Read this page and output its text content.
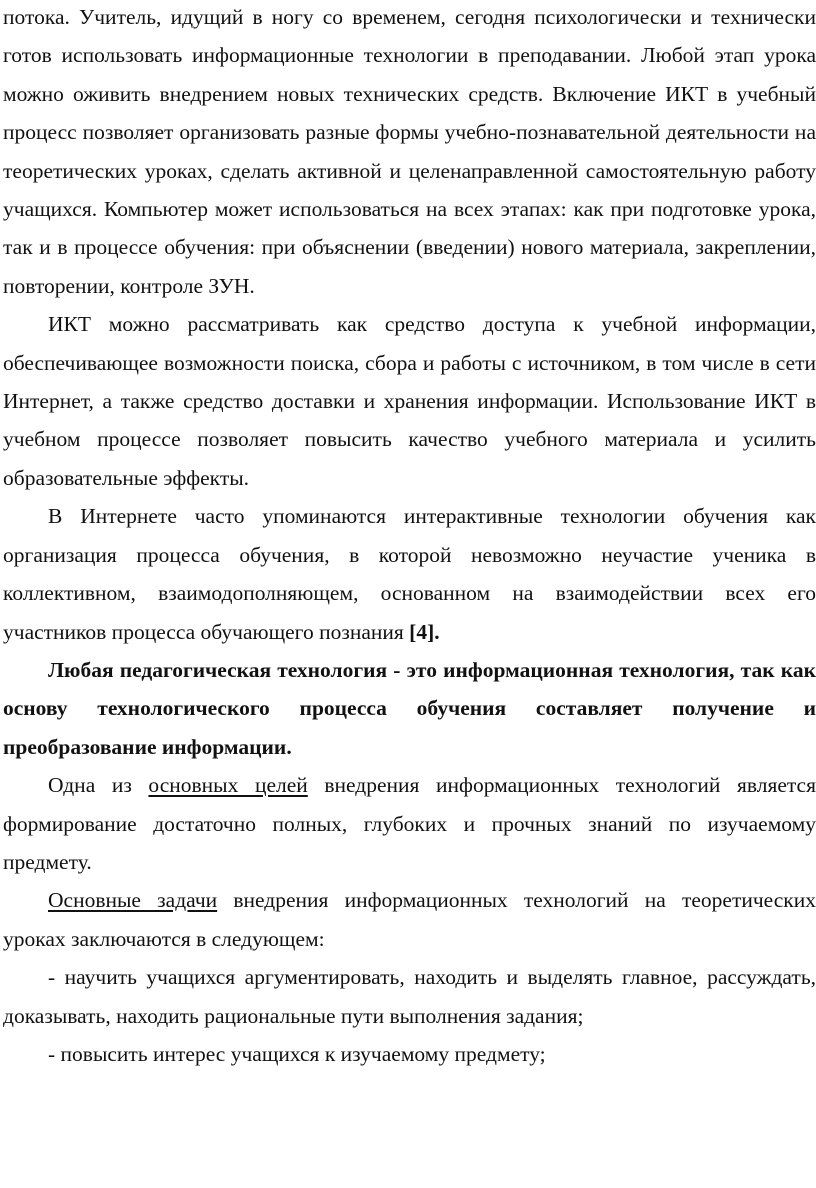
потока. Учитель, идущий в ногу со временем, сегодня психологически и технически готов использовать информационные технологии в преподавании. Любой этап урока можно оживить внедрением новых технических средств. Включение ИКТ в учебный процесс позволяет организовать разные формы учебно-познавательной деятельности на теоретических уроках, сделать активной и целенаправленной самостоятельную работу учащихся. Компьютер может использоваться на всех этапах: как при подготовке урока, так и в процессе обучения: при объяснении (введении) нового материала, закреплении, повторении, контроле ЗУН.

ИКТ можно рассматривать как средство доступа к учебной информации, обеспечивающее возможности поиска, сбора и работы с источником, в том числе в сети Интернет, а также средство доставки и хранения информации. Использование ИКТ в учебном процессе позволяет повысить качество учебного материала и усилить образовательные эффекты.

В Интернете часто упоминаются интерактивные технологии обучения как организация процесса обучения, в которой невозможно неучастие ученика в коллективном, взаимодополняющем, основанном на взаимодействии всех его участников процесса обучающего познания [4].

Любая педагогическая технология - это информационная технология, так как основу технологического процесса обучения составляет получение и преобразование информации.

Одна из основных целей внедрения информационных технологий является формирование достаточно полных, глубоких и прочных знаний по изучаемому предмету.

Основные задачи внедрения информационных технологий на теоретических уроках заключаются в следующем:

- научить учащихся аргументировать, находить и выделять главное, рассуждать, доказывать, находить рациональные пути выполнения задания;

- повысить интерес учащихся к изучаемому предмету;
